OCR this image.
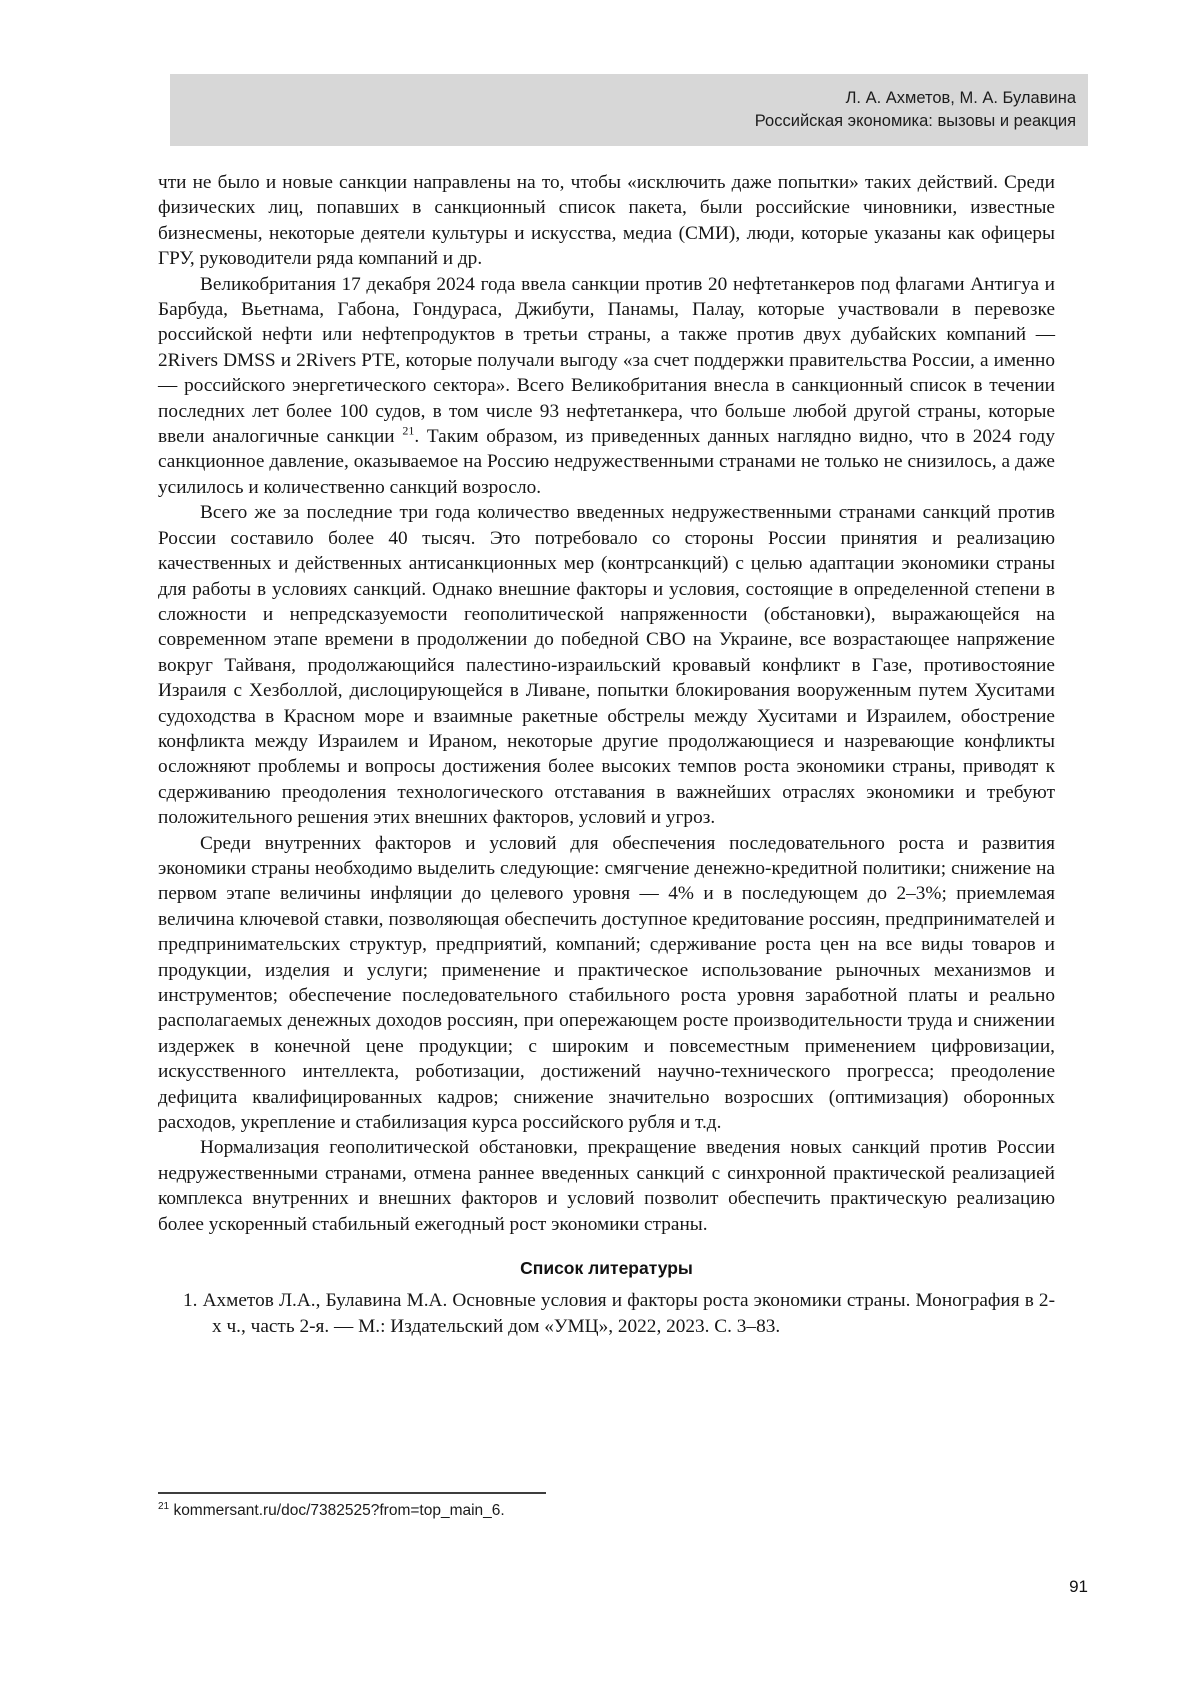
Л. А. Ахметов, М. А. Булавина
Российская экономика: вызовы и реакция

чти не было и новые санкции направлены на то, чтобы «исключить даже попытки» таких действий. Среди физических лиц, попавших в санкционный список пакета, были российские чиновники, известные бизнесмены, некоторые деятели культуры и искусства, медиа (СМИ), люди, которые указаны как офицеры ГРУ, руководители ряда компаний и др.

Великобритания 17 декабря 2024 года ввела санкции против 20 нефтетанкеров под флагами Антигуа и Барбуда, Вьетнама, Габона, Гондураса, Джибути, Панамы, Палау, которые участвовали в перевозке российской нефти или нефтепродуктов в третьи страны, а также против двух дубайских компаний — 2Rivers DMSS и 2Rivers PTE, которые получали выгоду «за счет поддержки правительства России, а именно — российского энергетического сектора». Всего Великобритания внесла в санкционный список в течении последних лет более 100 судов, в том числе 93 нефтетанкера, что больше любой другой страны, которые ввели аналогичные санкции $^{21}$. Таким образом, из приведенных данных наглядно видно, что в 2024 году санкционное давление, оказываемое на Россию недружественными странами не только не снизилось, а даже усилилось и количественно санкций возросло.

Всего же за последние три года количество введенных недружественными странами санкций против России составило более 40 тысяч. Это потребовало со стороны России принятия и реализацию качественных и действенных антисанкционных мер (контрсанкций) с целью адаптации экономики страны для работы в условиях санкций. Однако внешние факторы и условия, состоящие в определенной степени в сложности и непредсказуемости геополитической напряженности (обстановки), выражающейся на современном этапе времени в продолжении до победной СВО на Украине, все возрастающее напряжение вокруг Тайваня, продолжающийся палестино-израильский кровавый конфликт в Газе, противостояние Израиля с Хезболлой, дислоцирующейся в Ливане, попытки блокирования вооруженным путем Хуситами судоходства в Красном море и взаимные ракетные обстрелы между Хуситами и Израилем, обострение конфликта между Израилем и Ираном, некоторые другие продолжающиеся и назревающие конфликты осложняют проблемы и вопросы достижения более высоких темпов роста экономики страны, приводят к сдерживанию преодоления технологического отставания в важнейших отраслях экономики и требуют положительного решения этих внешних факторов, условий и угроз.

Среди внутренних факторов и условий для обеспечения последовательного роста и развития экономики страны необходимо выделить следующие: смягчение денежно-кредитной политики; снижение на первом этапе величины инфляции до целевого уровня — 4% и в последующем до 2–3%; приемлемая величина ключевой ставки, позволяющая обеспечить доступное кредитование россиян, предпринимателей и предпринимательских структур, предприятий, компаний; сдерживание роста цен на все виды товаров и продукции, изделия и услуги; применение и практическое использование рыночных механизмов и инструментов; обеспечение последовательного стабильного роста уровня заработной платы и реально располагаемых денежных доходов россиян, при опережающем росте производительности труда и снижении издержек в конечной цене продукции; с широким и повсеместным применением цифровизации, искусственного интеллекта, роботизации, достижений научно-технического прогресса; преодоление дефицита квалифицированных кадров; снижение значительно возросших (оптимизация) оборонных расходов, укрепление и стабилизация курса российского рубля и т.д.

Нормализация геополитической обстановки, прекращение введения новых санкций против России недружественными странами, отмена раннее введенных санкций с синхронной практической реализацией комплекса внутренних и внешних факторов и условий позволит обеспечить практическую реализацию более ускоренный стабильный ежегодный рост экономики страны.

Список литературы
1. Ахметов Л.А., Булавина М.А. Основные условия и факторы роста экономики страны. Монография в 2-х ч., часть 2-я. — М.: Издательский дом «УМЦ», 2022, 2023. С. 3–83.
$^{21}$ kommersant.ru/doc/7382525?from=top_main_6.
91
